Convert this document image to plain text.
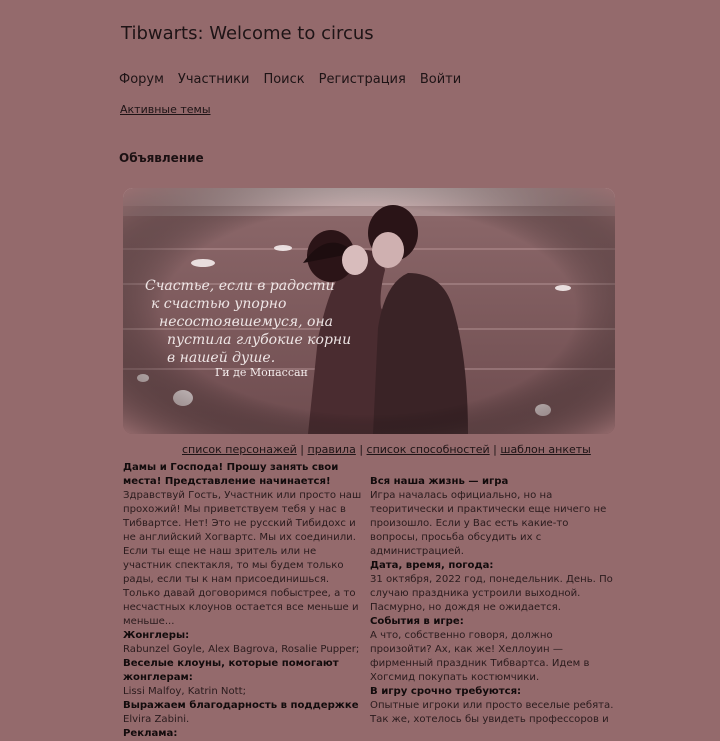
Tibwarts: Welcome to circus
Форум Участники Поиск Регистрация Войти
Активные темы
Объявление
Счастье, если в радости
к счастью упорно
несостоявшемуся, она
пустила глубокие корни
в нашей душе.
Ги де Мопассан
список персонажей | правила | список способностей | шаблон анкеты

Дамы и Господа! Прошу занять свои места! Представление начинается!

Здравствуй Гость, Участник или просто наш прохожий! Мы приветствуем тебя у нас в Тибвартсе. Нет! Это не русский Тибидохс и не английский Хогвартс. Мы их соединили. Если ты еще не наш зритель или не участник спектакля, то мы будем только рады, если ты к нам присоединишься. Только давай договоримся побыстрее, а то несчастных клоунов остается все меньше и меньше...

Жонглеры:

Rabunzel Goyle, Alex Bagrova, Rosalie Pupper;

Веселые клоуны, которые помогают жонглерам:

Lissi Malfoy, Katrin Nott;

Выражаем благодарность в поддержке

Elvira Zabini.

Реклама:

Вся наша жизнь — игра

Игра началась официально, но на теоритически и практически еще ничего не произошло. Если у Вас есть какие-то вопросы, просьба обсудить их с администрацией.

Дата, время, погода:

31 октября, 2022 год, понедельник. День. По случаю праздника устроили выходной. Пасмурно, но дождя не ожидается.

События в игре:

А что, собственно говоря, должно произойти? Ах, как же! Хеллоуин — фирменный праздник Тибвартса. Идем в Хогсмид покупать костюмчики.

В игру срочно требуются:

Опытные игроки или просто веселые ребята. Так же, хотелось бы увидеть профессоров и
